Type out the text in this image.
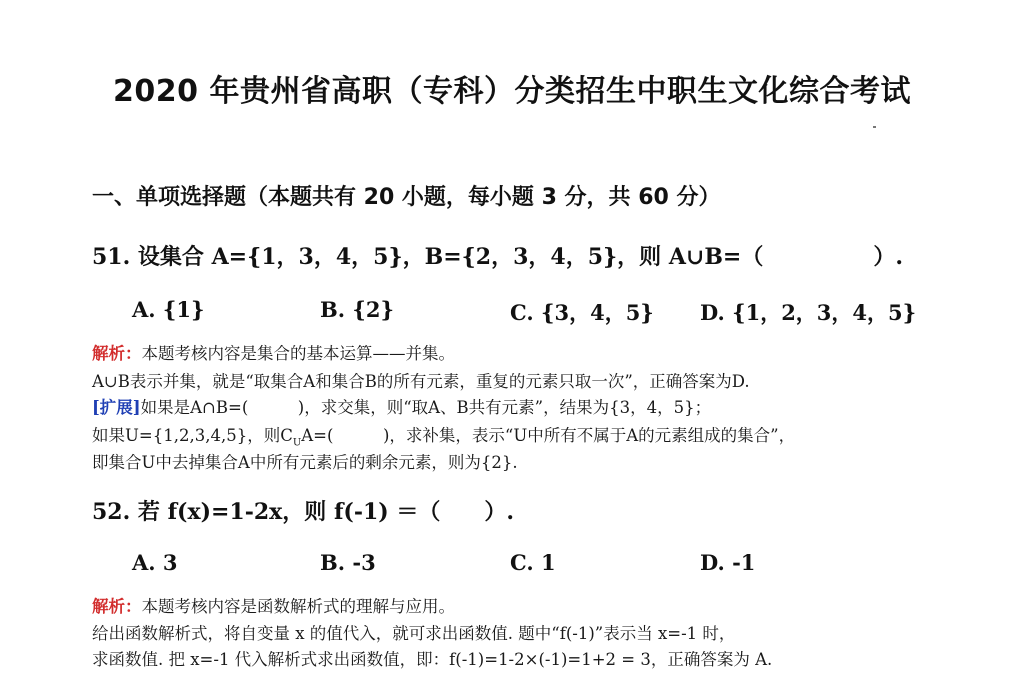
2020 年贵州省高职（专科）分类招生中职生文化综合考试
一、单项选择题（本题共有 20 小题，每小题 3 分，共 60 分）
51. 设集合 A={1，3，4，5}，B={2，3，4，5}，则 A∪B=（　　　　　）.
A. {1}	B. {2}	C. {3，4，5} D. {1，2，3，4，5}
解析：本题考核内容是集合的基本运算——并集。
A∪B表示并集，就是“取集合A和集合B的所有元素，重复的元素只取一次”，正确答案为D.
[扩展]如果是A∩B=(　　　)，求交集，则“取A、B共有元素”，结果为{3，4，5}；
如果U={1,2,3,4,5}，则$C_UA=$(　　　)，求补集，表示“U中所有不属于A的元素组成的集合”，
即集合U中去掉集合A中所有元素后的剩余元素，则为{2}.
52. 若 f(x)=1-2x，则 f(-1) ＝（　　）.
A. 3	B. -3	C. 1	D. -1
解析：本题考核内容是函数解析式的理解与应用。
给出函数解析式，将自变量 x 的值代入，就可求出函数值. 题中“f(-1)”表示当 x=-1 时，
求函数值. 把 x=-1 代入解析式求出函数值，即：f(-1)=1-2×(-1)=1+2 = 3，正确答案为 A.
